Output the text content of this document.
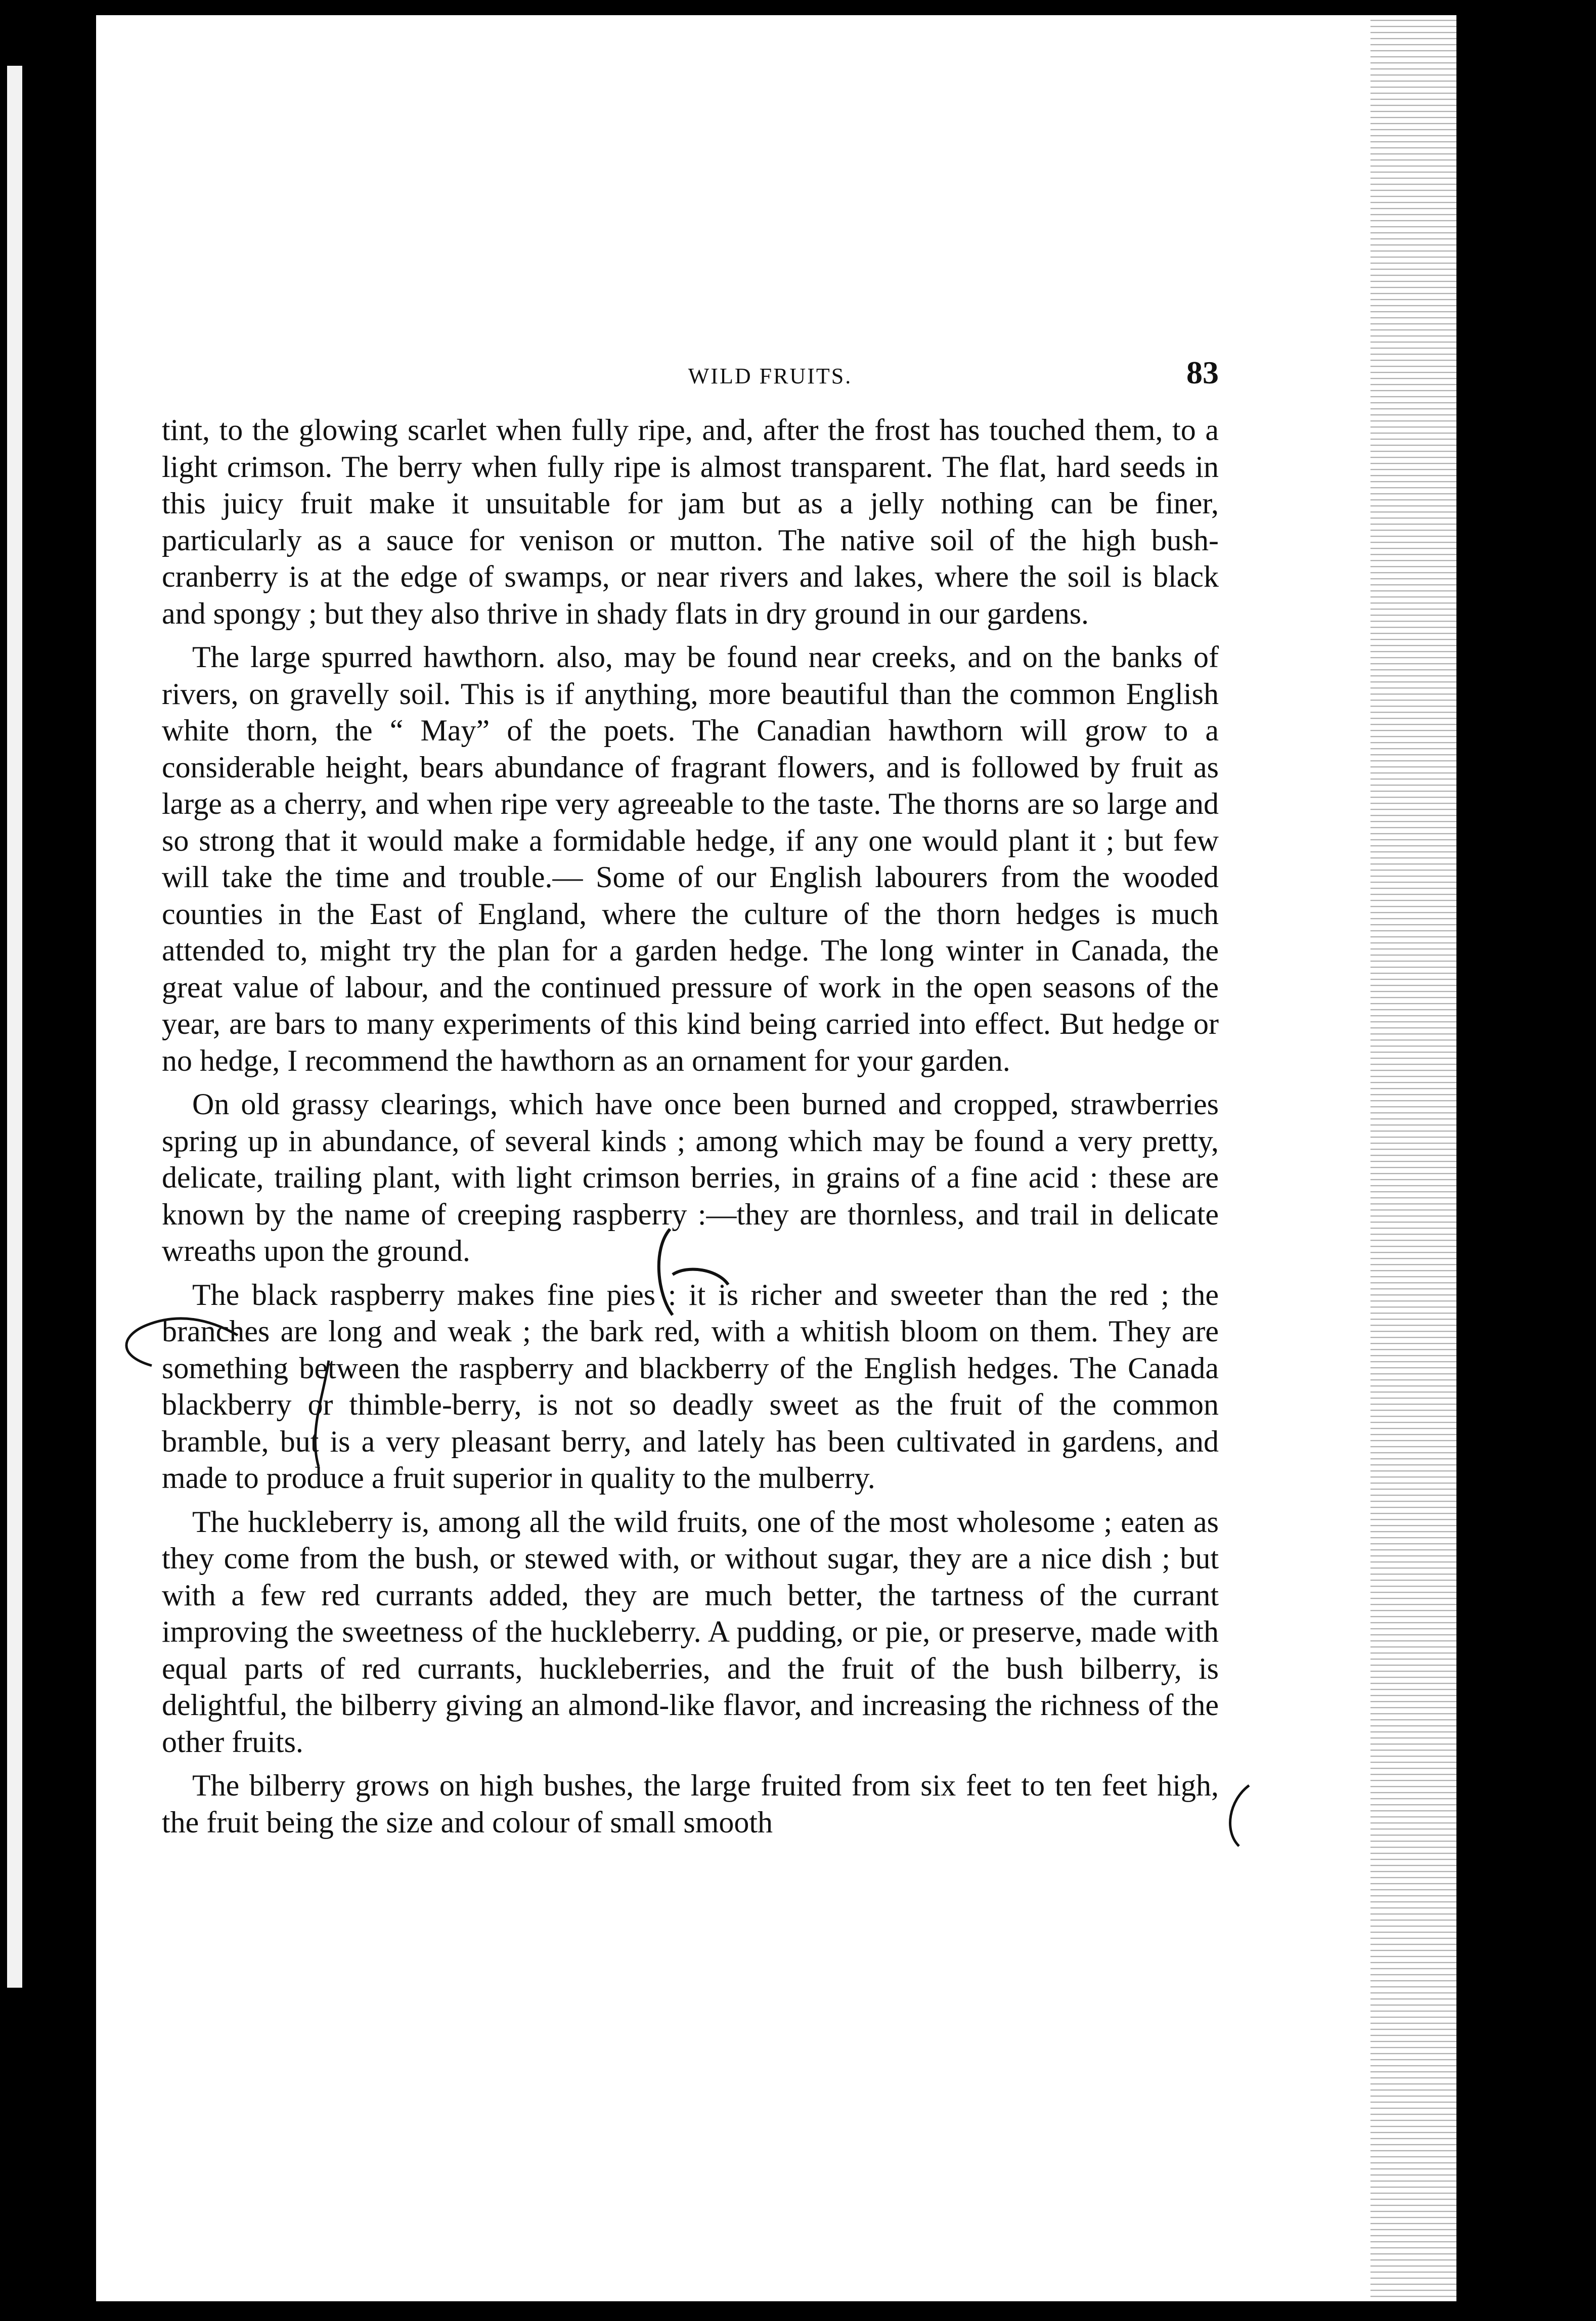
WILD FRUITS.	83

tint, to the glowing scarlet when fully ripe, and, after the frost has touched them, to a light crimson. The berry when fully ripe is almost transparent. The flat, hard seeds in this juicy fruit make it unsuitable for jam but as a jelly nothing can be finer, particularly as a sauce for venison or mutton. The native soil of the high bush-cranberry is at the edge of swamps, or near rivers and lakes, where the soil is black and spongy ; but they also thrive in shady flats in dry ground in our gardens.

The large spurred hawthorn. also, may be found near creeks, and on the banks of rivers, on gravelly soil. This is if anything, more beautiful than the common English white thorn, the “ May” of the poets. The Canadian hawthorn will grow to a considerable height, bears abundance of fragrant flowers, and is followed by fruit as large as a cherry, and when ripe very agreeable to the taste. The thorns are so large and so strong that it would make a formidable hedge, if any one would plant it ; but few will take the time and trouble.— Some of our English labourers from the wooded counties in the East of England, where the culture of the thorn hedges is much attended to, might try the plan for a garden hedge. The long winter in Canada, the great value of labour, and the continued pressure of work in the open seasons of the year, are bars to many experiments of this kind being carried into effect. But hedge or no hedge, I recommend the hawthorn as an ornament for your garden.

On old grassy clearings, which have once been burned and cropped, strawberries spring up in abundance, of several kinds ; among which may be found a very pretty, delicate, trailing plant, with light crimson berries, in grains of a fine acid : these are known by the name of creeping raspberry :—they are thornless, and trail in delicate wreaths upon the ground.

The black raspberry makes fine pies : it is richer and sweeter than the red ; the branches are long and weak ; the bark red, with a whitish bloom on them. They are something between the raspberry and blackberry of the English hedges. The Canada blackberry or thimble-berry, is not so deadly sweet as the fruit of the common bramble, but is a very pleasant berry, and lately has been cultivated in gardens, and made to produce a fruit superior in quality to the mulberry.

The huckleberry is, among all the wild fruits, one of the most wholesome ; eaten as they come from the bush, or stewed with, or without sugar, they are a nice dish ; but with a few red currants added, they are much better, the tartness of the currant improving the sweetness of the huckleberry. A pudding, or pie, or preserve, made with equal parts of red currants, huckleberries, and the fruit of the bush bilberry, is delightful, the bilberry giving an almond-like flavor, and increasing the richness of the other fruits.

The bilberry grows on high bushes, the large fruited from six feet to ten feet high, the fruit being the size and colour of small smooth
